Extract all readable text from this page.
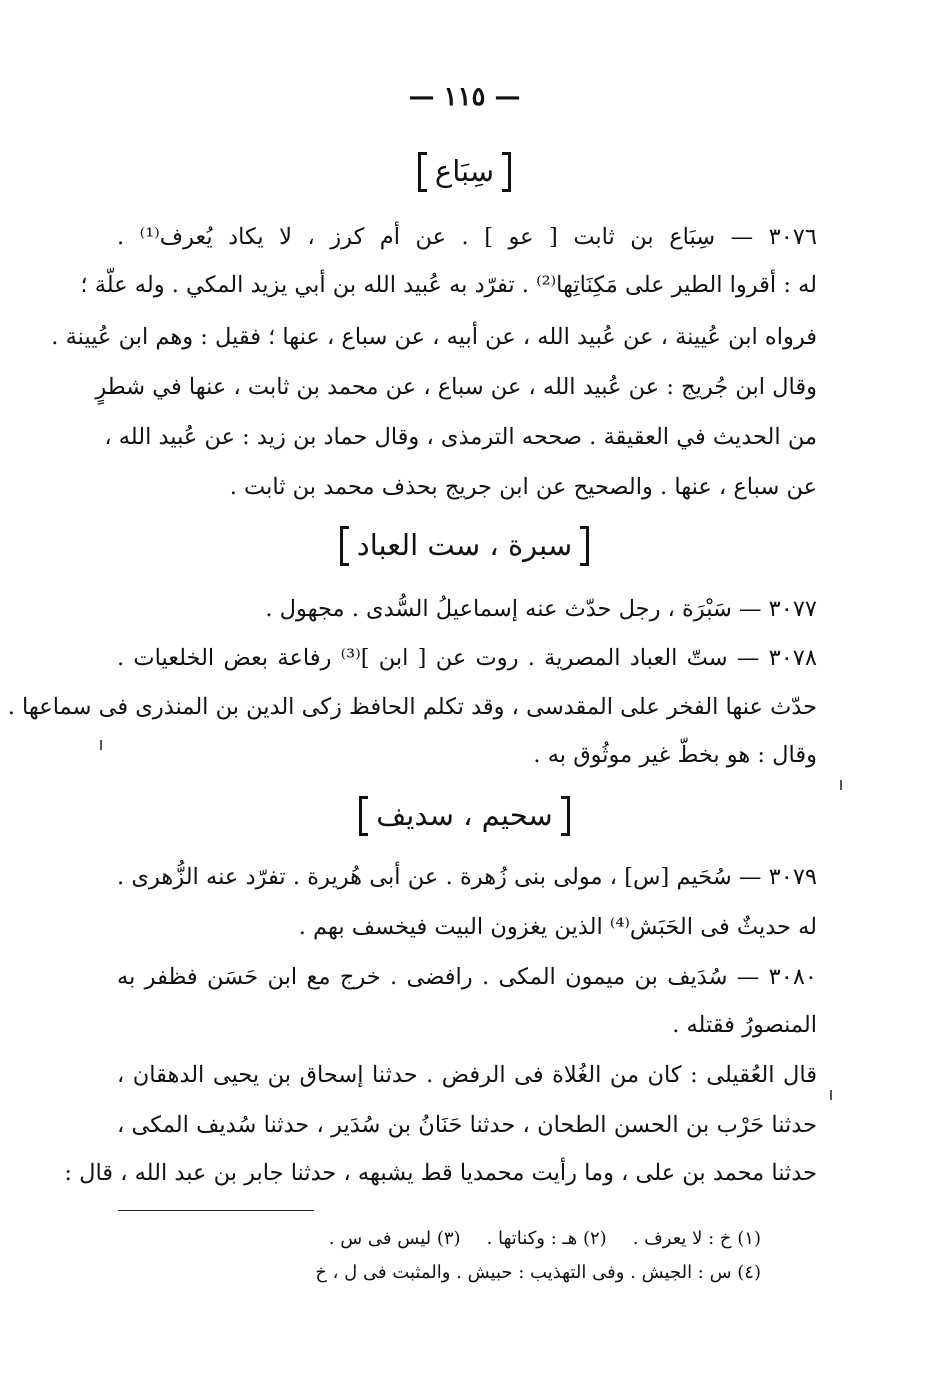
— ١١٥ —
سِبَاع
٣٠٧٦ — سِبَاع بن ثابت [ عو ] . عن أم كرز ، لا يكاد يُعرف⁽¹⁾ .
له : أقروا الطير على مَكِنَاتِها⁽²⁾ . تفرّد به عُبيد الله بن أبي يزيد المكي . وله علّة ؛
فرواه ابن عُيينة ، عن عُبيد الله ، عن أبيه ، عن سباع ، عنها ؛ فقيل : وهم ابن عُيينة .
وقال ابن جُريج : عن عُبيد الله ، عن سباع ، عن محمد بن ثابت ، عنها في شطرٍ
من الحديث في العقيقة . صححه الترمذى ، وقال حماد بن زيد : عن عُبيد الله ،
عن سباع ، عنها . والصحيح عن ابن جريج بحذف محمد بن ثابت .
سبرة ، ست العباد
٣٠٧٧ — سَبْرَة ، رجل حدّث عنه إسماعيلُ السُّدى . مجهول .
٣٠٧٨ — ستّ العباد المصرية . روت عن [ ابن ]⁽³⁾ رفاعة بعض الخلعيات .
حدّث عنها الفخر على المقدسى ، وقد تكلم الحافظ زكى الدين بن المنذرى فى سماعها .
وقال : هو بخطّ غير موثُوق به .
سحيم ، سديف
٣٠٧٩ — سُحَيم [س] ، مولى بنى زُهرة . عن أبى هُريرة . تفرّد عنه الزُّهرى .
له حديثٌ فى الحَبَش⁽⁴⁾ الذين يغزون البيت فيخسف بهم .
٣٠٨٠ — سُدَيف بن ميمون المكى . رافضى . خرج مع ابن حَسَن فظفر به
المنصورُ فقتله .
قال العُقيلى : كان من الغُلاة فى الرفض . حدثنا إسحاق بن يحيى الدهقان ،
حدثنا حَرْب بن الحسن الطحان ، حدثنا حَنَانُ بن سُدَير ، حدثنا سُديف المكى ،
حدثنا محمد بن على ، وما رأيت محمديا قط يشبهه ، حدثنا جابر بن عبد الله ، قال :
(١) خ : لا يعرف .(٢) هـ : وكناتها .(٣) ليس فى س .
(٤) س : الجيش . وفى التهذيب : حبيش . والمثبت فى ل ، خ
